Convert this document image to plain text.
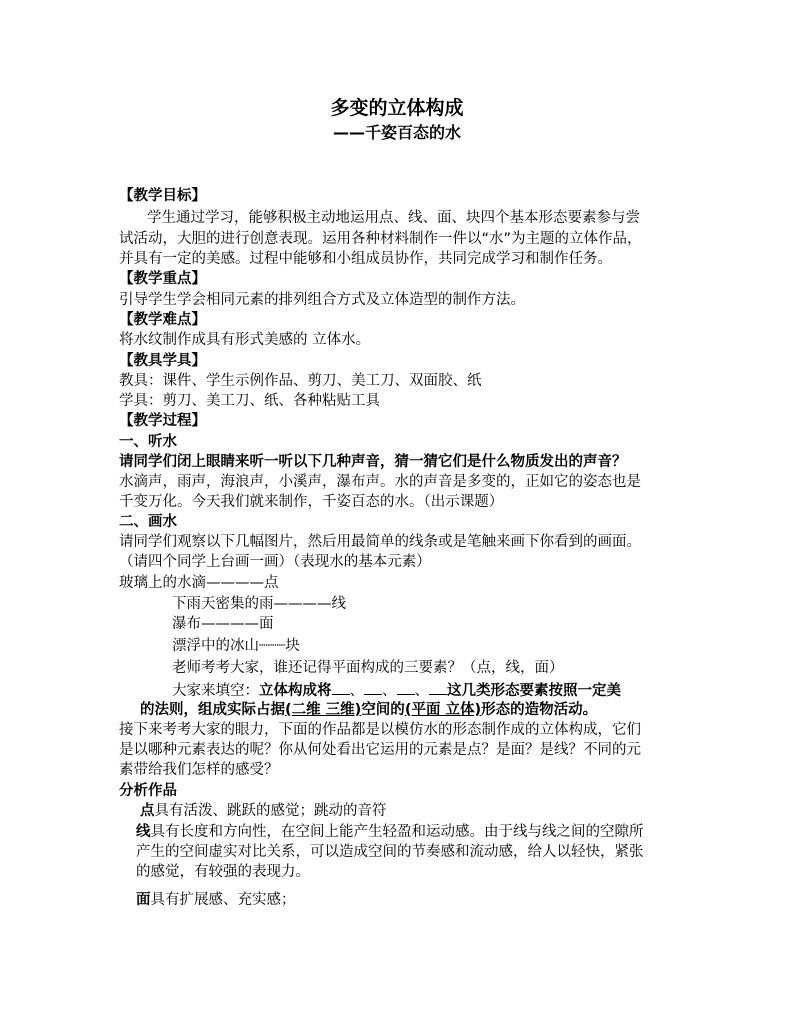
多变的立体构成
——千姿百态的水
【教学目标】
学生通过学习，能够积极主动地运用点、线、面、块四个基本形态要素参与尝
试活动，大胆的进行创意表现。运用各种材料制作一件以“水”为主题的立体作品，
并具有一定的美感。过程中能够和小组成员协作，共同完成学习和制作任务。
【教学重点】
引导学生学会相同元素的排列组合方式及立体造型的制作方法。
【教学难点】
将水纹制作成具有形式美感的 立体水。
【教具学具】
教具：课件、学生示例作品、剪刀、美工刀、双面胶、纸
学具：剪刀、美工刀、纸、各种粘贴工具
【教学过程】
一、听水
请同学们闭上眼睛来听一听以下几种声音，猜一猜它们是什么物质发出的声音？
水滴声，雨声，海浪声，小溪声，瀑布声。水的声音是多变的，正如它的姿态也是
千变万化。今天我们就来制作，千姿百态的水。（出示课题）
二、画水
请同学们观察以下几幅图片，然后用最简单的线条或是笔触来画下你看到的画面。
（请四个同学上台画一画）（表现水的基本元素）
玻璃上的水滴————点
下雨天密集的雨————线
瀑布————面
漂浮中的冰山┈┈┈块
老师考考大家，谁还记得平面构成的三要素？（点，线，面）
大家来填空：立体构成将 、 、 、 这几类形态要素按照一定美
的法则，组成实际占据(二维 三维)空间的(平面 立体)形态的造物活动。
接下来考考大家的眼力，下面的作品都是以模仿水的形态制作成的立体构成，它们
是以哪种元素表达的呢？你从何处看出它运用的元素是点？是面？是线？不同的元
素带给我们怎样的感受？
分析作品
点具有活泼、跳跃的感觉；跳动的音符
线具有长度和方向性，在空间上能产生轻盈和运动感。由于线与线之间的空隙所
产生的空间虚实对比关系，可以造成空间的节奏感和流动感，给人以轻快，紧张
的感觉，有较强的表现力。
面具有扩展感、充实感；
